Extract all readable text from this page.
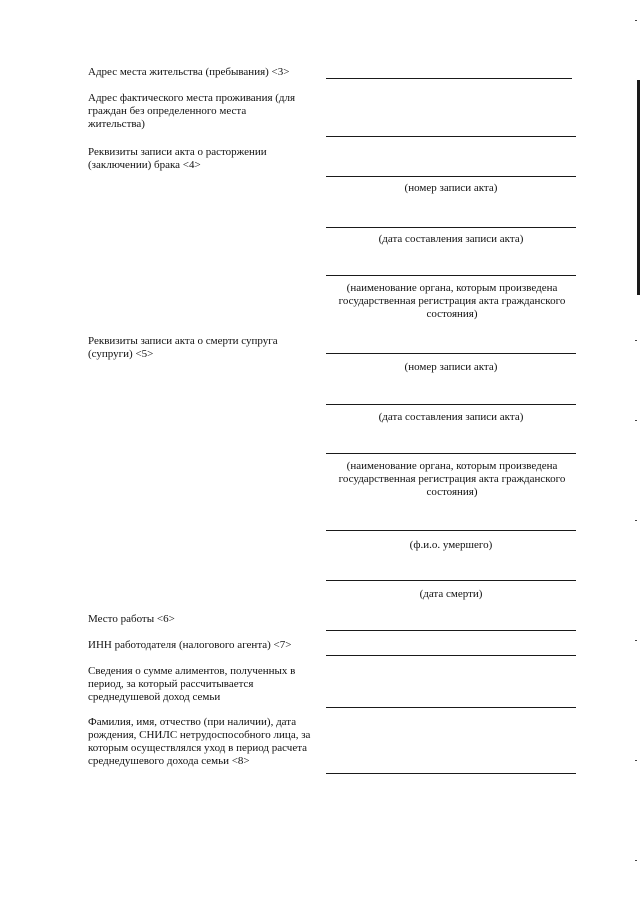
Адрес места жительства (пребывания) <3>
Адрес фактического места проживания (для граждан без определенного места жительства)
Реквизиты записи акта о расторжении (заключении) брака <4>
(номер записи акта)
(дата составления записи акта)
(наименование органа, которым произведена государственная регистрация акта гражданского состояния)
Реквизиты записи акта о смерти супруга (супруги) <5>
(номер записи акта)
(дата составления записи акта)
(наименование органа, которым произведена государственная регистрация акта гражданского состояния)
(ф.и.о. умершего)
(дата смерти)
Место работы <6>
ИНН работодателя (налогового агента) <7>
Сведения о сумме алиментов, полученных в период, за который рассчитывается среднедушевой доход семьи
Фамилия, имя, отчество (при наличии), дата рождения, СНИЛС нетрудоспособного лица, за которым осуществлялся уход в период расчета среднедушевого дохода семьи <8>
